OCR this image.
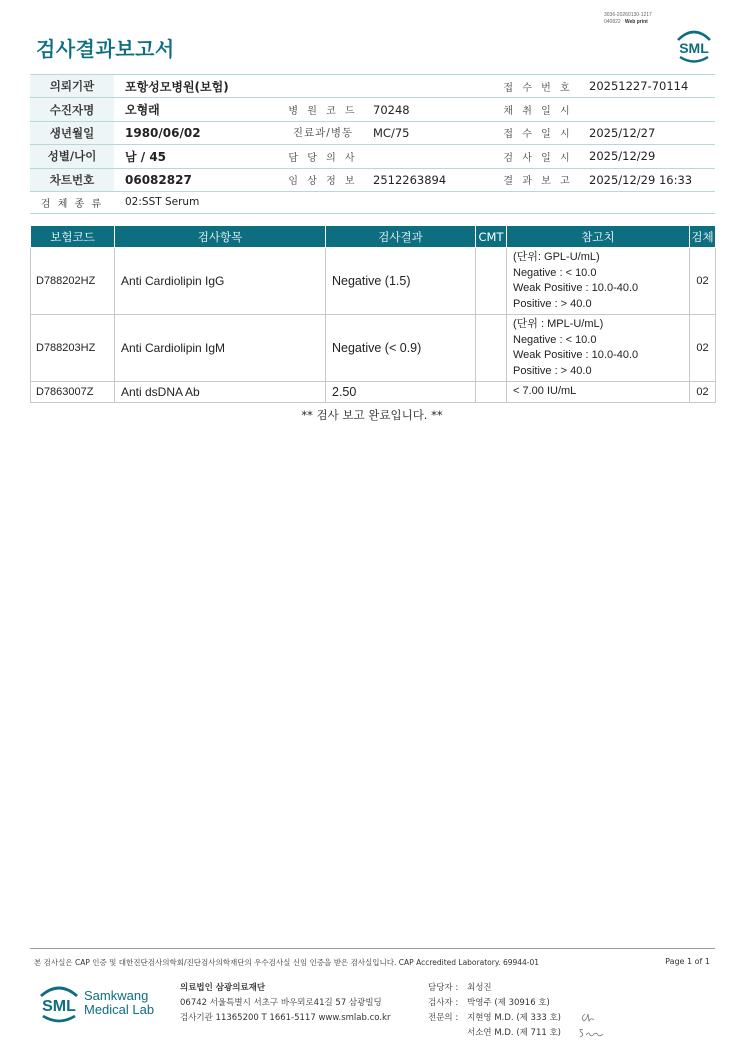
3036-20260130-1217
040822 Web print
검사결과보고서	SML
의뢰기관	포항성모병원(보험)			접 수 번 호	20251227-70114
수진자명	오형래	병 원 코 드	70248	채 취 일 시	
생년월일	1980/06/02	진료과/병동	MC/75	접 수 일 시	2025/12/27
성별/나이	남 / 45	담 당 의 사		검 사 일 시	2025/12/29
차트번호	06082827	임 상 정 보	2512263894	결 과 보 고	2025/12/29 16:33
검 체 종 류	02:SST Serum				
보험코드	검사항목	검사결과	CMT	참고치	검체
D788202HZ	Anti Cardiolipin IgG	Negative (1.5)		(단위: GPL-U/mL)
Negative : < 10.0
Weak Positive : 10.0-40.0
Positive : > 40.0	02
D788203HZ	Anti Cardiolipin IgM	Negative (< 0.9)		(단위 : MPL-U/mL)
Negative : < 10.0
Weak Positive : 10.0-40.0
Positive : > 40.0	02
D7863007Z	Anti dsDNA Ab	2.50		< 7.00 IU/mL	02
** 검사 보고 완료입니다. **
본 검사실은 CAP 인증 및 대한진단검사의학회/진단검사의학재단의 우수검사실 신임 인증을 받은 검사실입니다. CAP Accredited Laboratory. 69944-01	Page 1 of 1
SML
Samkwang
Medical Lab
의료법인 삼광의료재단
06742 서울특별시 서초구 바우뫼로41길 57 삼광빌딩
검사기관 11365200 T 1661-5117 www.smlab.co.kr
담당자 :	최성진
검사자 :	박영주 (제 30916 호)
전문의 :	지현영 M.D. (제 333 호)
서소연 M.D. (제 711 호)
